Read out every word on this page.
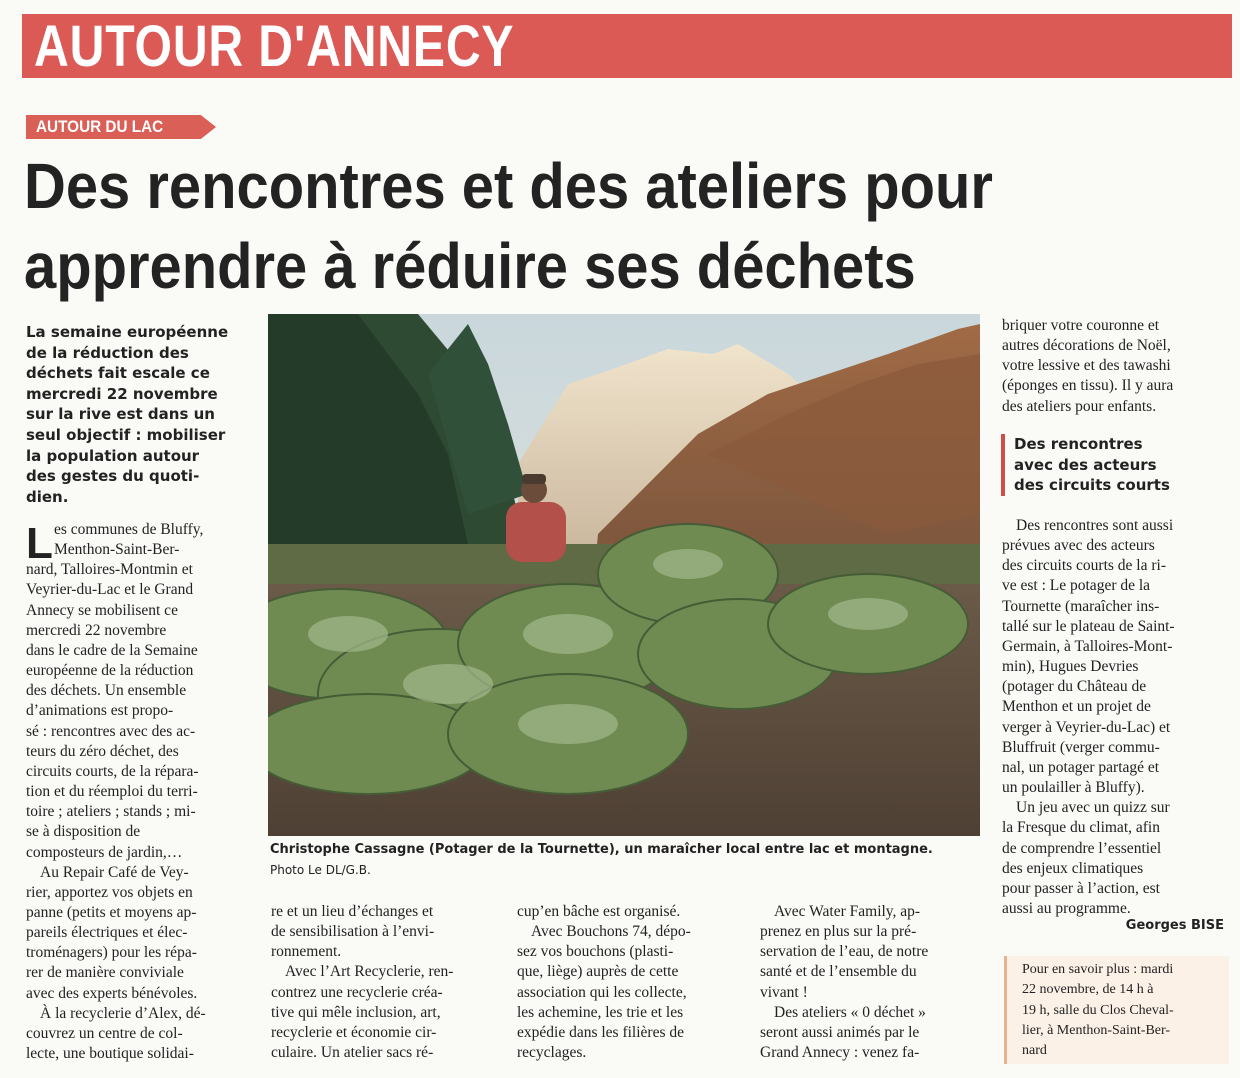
AUTOUR D'ANNECY
AUTOUR DU LAC
Des rencontres et des ateliers pour
apprendre à réduire ses déchets
La semaine européenne
de la réduction des
déchets fait escale ce
mercredi 22 novembre
sur la rive est dans un
seul objectif : mobiliser
la population autour
des gestes du quoti-
dien.
L es communes de Bluffy,
Menthon-Saint-Ber-
nard, Talloires-Montmin et
Veyrier-du-Lac et le Grand
Annecy se mobilisent ce
mercredi 22 novembre
dans le cadre de la Semaine
européenne de la réduction
des déchets. Un ensemble
d’animations est propo-
sé : rencontres avec des ac-
teurs du zéro déchet, des
circuits courts, de la répara-
tion et du réemploi du terri-
toire ; ateliers ; stands ; mi-
se à disposition de
composteurs de jardin,…
Au Repair Café de Vey-
rier, apportez vos objets en
panne (petits et moyens ap-
pareils électriques et élec-
troménagers) pour les répa-
rer de manière conviviale
avec des experts bénévoles.
À la recyclerie d’Alex, dé-
couvrez un centre de col-
lecte, une boutique solidai-
Christophe Cassagne (Potager de la Tournette), un maraîcher local entre lac et montagne. Photo Le DL/G.B.
re et un lieu d’échanges et
de sensibilisation à l’envi-
ronnement.
Avec l’Art Recyclerie, ren-
contrez une recyclerie créa-
tive qui mêle inclusion, art,
recyclerie et économie cir-
culaire. Un atelier sacs ré-
cup’en bâche est organisé.
Avec Bouchons 74, dépo-
sez vos bouchons (plasti-
que, liège) auprès de cette
association qui les collecte,
les achemine, les trie et les
expédie dans les filières de
recyclages.
Avec Water Family, ap-
prenez en plus sur la pré-
servation de l’eau, de notre
santé et de l’ensemble du
vivant !
Des ateliers « 0 déchet »
seront aussi animés par le
Grand Annecy : venez fa-
briquer votre couronne et
autres décorations de Noël,
votre lessive et des tawashi
(éponges en tissu). Il y aura
des ateliers pour enfants.
Des rencontres
avec des acteurs
des circuits courts
Des rencontres sont aussi
prévues avec des acteurs
des circuits courts de la ri-
ve est : Le potager de la
Tournette (maraîcher ins-
tallé sur le plateau de Saint-
Germain, à Talloires-Mont-
min), Hugues Devries
(potager du Château de
Menthon et un projet de
verger à Veyrier-du-Lac) et
Bluffruit (verger commu-
nal, un potager partagé et
un poulailler à Bluffy).
Un jeu avec un quizz sur
la Fresque du climat, afin
de comprendre l’essentiel
des enjeux climatiques
pour passer à l’action, est
aussi au programme.
Georges BISE
Pour en savoir plus : mardi
22 novembre, de 14 h à
19 h, salle du Clos Cheval-
lier, à Menthon-Saint-Ber-
nard
